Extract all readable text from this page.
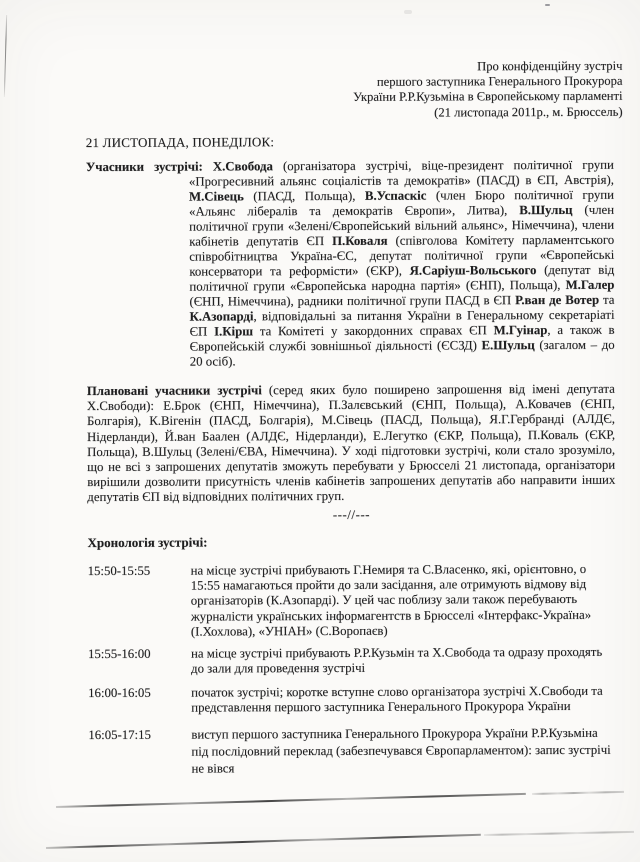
Про конфіденційну зустріч
першого заступника Генерального Прокурора
України Р.Р.Кузьміна в Європейському парламенті
(21 листопада 2011р., м. Брюссель)
21 ЛИСТОПАДА, ПОНЕДІЛОК:

Учасники зустрічі: Х.Свобода (організатора зустрічі, віце-президент політичної групи «Прогресивний альянс соціалістів та демократів» (ПАСД) в ЄП, Австрія), М.Сівець (ПАСД, Польща), В.Успаскіс (член Бюро політичної групи «Альянс лібералів та демократів Європи», Литва), В.Шульц (член політичної групи «Зелені/Європейський вільний альянс», Німеччина), члени кабінетів депутатів ЄП П.Коваля (співголова Комітету парламентського співробітництва Україна-ЄС, депутат політичної групи «Європейські консерватори та реформісти» (ЄКР), Я.Саріуш-Вольського (депутат від політичної групи «Європейська народна партія» (ЄНП), Польща), М.Галер (ЄНП, Німеччина), радники політичної групи ПАСД в ЄП Р.ван де Вотер та К.Азопарді, відповідальні за питання України в Генеральному секретаріаті ЄП І.Кірш та Комітеті у закордонних справах ЄП М.Гуінар, а також в Європейській службі зовнішньої діяльності (ЄСЗД) Е.Шульц (загалом – до 20 осіб).

Плановані учасники зустрічі (серед яких було поширено запрошення від імені депутата Х.Свободи): Е.Брок (ЄНП, Німеччина), П.Залєвський (ЄНП, Польща), А.Ковачев (ЄНП, Болгарія), К.Вігенін (ПАСД, Болгарія), М.Сівець (ПАСД, Польща), Я.Г.Гербранді (АЛДЄ, Нідерланди), Й.ван Баален (АЛДЄ, Нідерланди), Е.Легутко (ЄКР, Польща), П.Коваль (ЄКР, Польща), В.Шульц (Зелені/ЄВА, Німеччина). У ході підготовки зустрічі, коли стало зрозуміло, що не всі з запрошених депутатів зможуть перебувати у Брюсселі 21 листопада, організатори вирішили дозволити присутність членів кабінетів запрошених депутатів або направити інших депутатів ЄП від відповідних політичних груп.

---//---
Хронологія зустрічі:

15:50-15:55	на місце зустрічі прибувають Г.Немиря та С.Власенко, які, орієнтовно, о 15:55 намагаються пройти до зали засідання, але отримують відмову від організаторів (К.Азопарді). У цей час поблизу зали також перебувають журналісти українських інформагентств в Брюсселі «Інтерфакс-Україна» (І.Хохлова), «УНІАН» (С.Воропаєв)

15:55-16:00	на місце зустрічі прибувають Р.Р.Кузьмін та Х.Свобода та одразу проходять до зали для проведення зустрічі

16:00-16:05	початок зустрічі; коротке вступне слово організатора зустрічі Х.Свободи та представлення першого заступника Генерального Прокурора України

16:05-17:15	виступ першого заступника Генерального Прокурора України Р.Р.Кузьміна під послідовний переклад (забезпечувався Європарламентом): запис зустрічі не вівся
